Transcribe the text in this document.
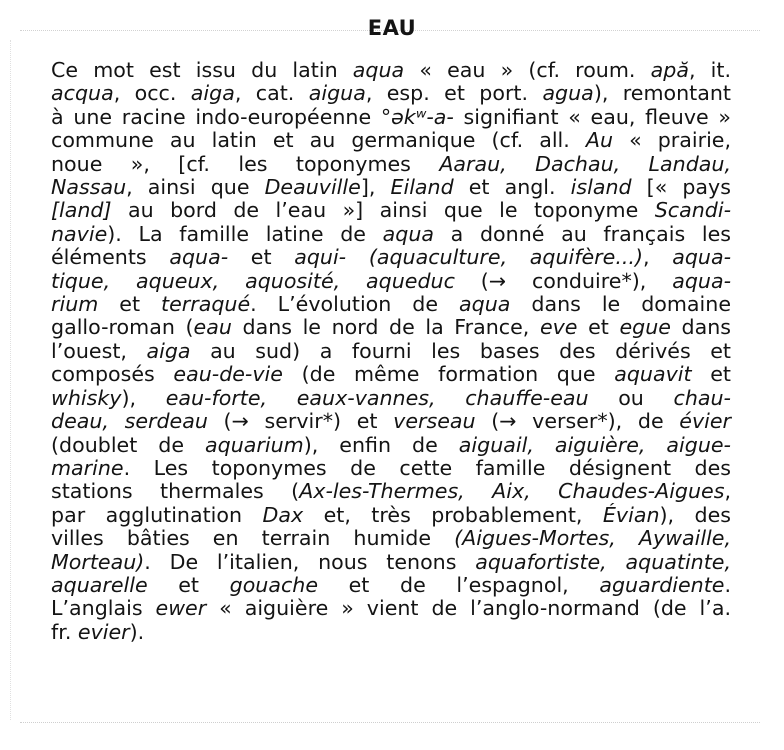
EAU
Ce mot est issu du latin aqua « eau » (cf. roum. apă, it.
acqua, occ. aiga, cat. aigua, esp. et port. agua), remontant
à une racine indo-européenne °əkʷ-a- signifiant « eau, fleuve »
commune au latin et au germanique (cf. all. Au « prairie,
noue », [cf. les toponymes Aarau, Dachau, Landau,
Nassau, ainsi que Deauville], Eiland et angl. island [« pays
[land] au bord de l’eau »] ainsi que le toponyme Scandi-
navie). La famille latine de aqua a donné au français les
éléments aqua- et aqui- (aquaculture, aquifère...), aqua-
tique, aqueux, aquosité, aqueduc (→ conduire*), aqua-
rium et terraqué. L’évolution de aqua dans le domaine
gallo-roman (eau dans le nord de la France, eve et egue dans
l’ouest, aiga au sud) a fourni les bases des dérivés et
composés eau-de-vie (de même formation que aquavit et
whisky), eau-forte, eaux-vannes, chauffe-eau ou chau-
deau, serdeau (→ servir*) et verseau (→ verser*), de évier
(doublet de aquarium), enfin de aiguail, aiguière, aigue-
marine. Les toponymes de cette famille désignent des
stations thermales (Ax-les-Thermes, Aix, Chaudes-Aigues,
par agglutination Dax et, très probablement, Évian), des
villes bâties en terrain humide (Aigues-Mortes, Aywaille,
Morteau). De l’italien, nous tenons aquafortiste, aquatinte,
aquarelle et gouache et de l’espagnol, aguardiente.
L’anglais ewer « aiguière » vient de l’anglo-normand (de l’a.
fr. evier).
